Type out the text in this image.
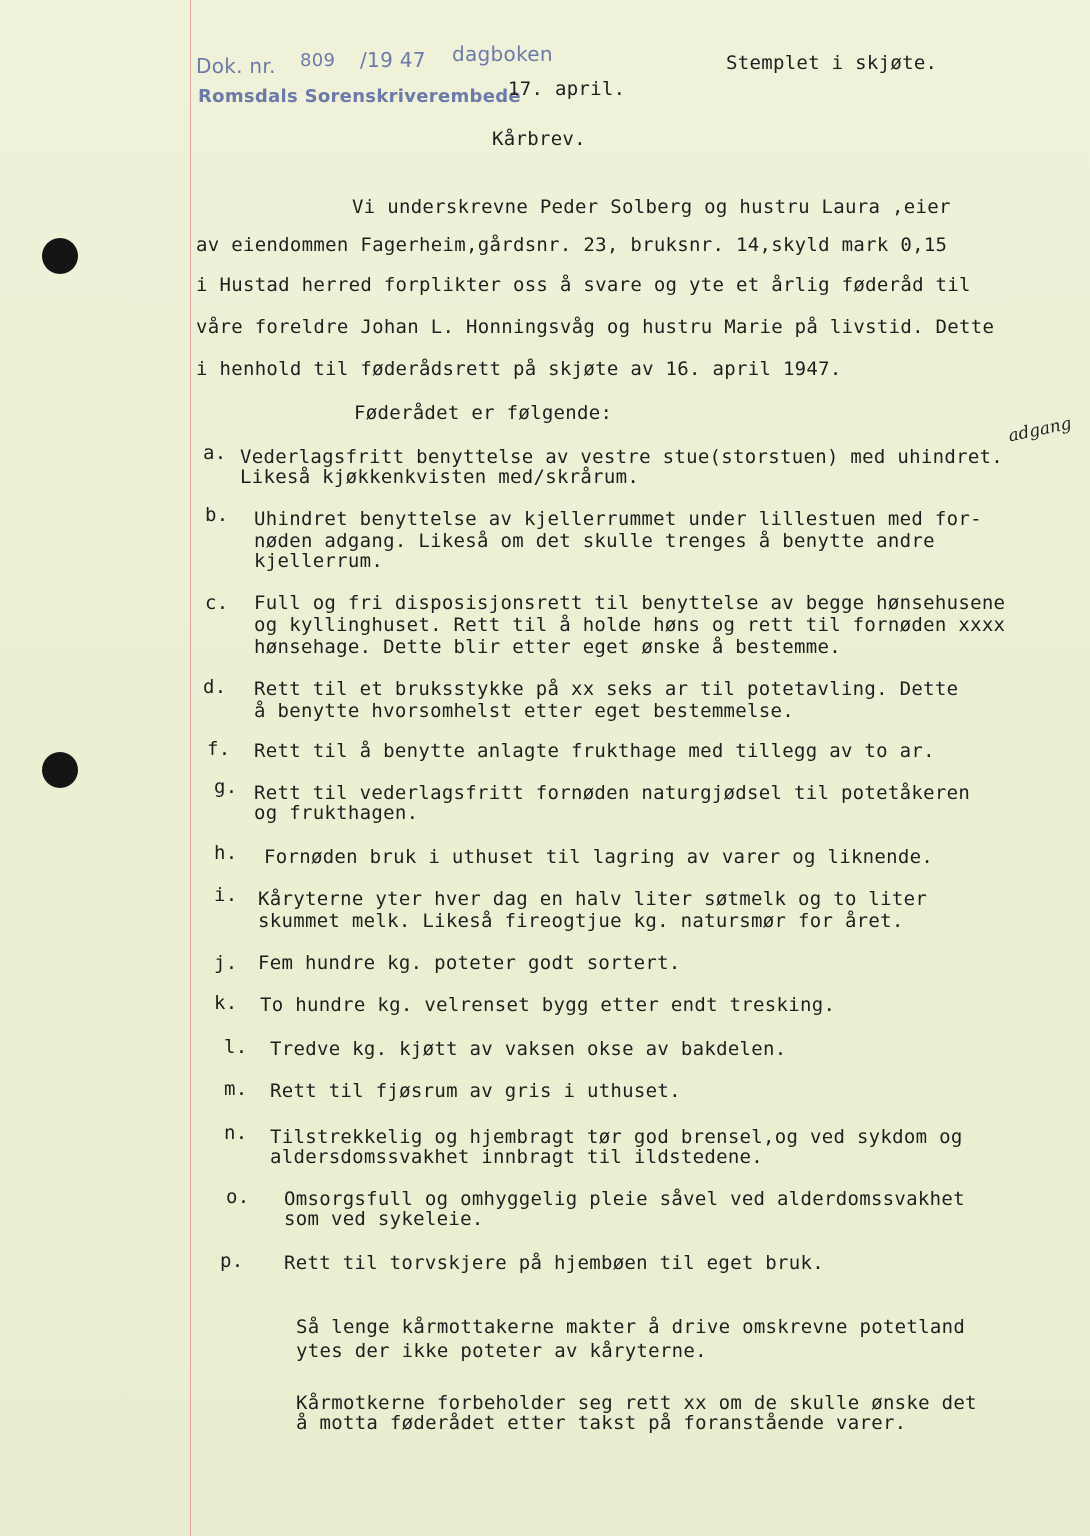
Dok. nr. 809 /19 47 dagboken
Romsdals Sorenskriverembede
17. april.
Stemplet i skjøte.
Kårbrev.
Vi underskrevne Peder Solberg og hustru Laura ,eier
av eiendommen Fagerheim,gårdsnr. 23, bruksnr. 14,skyld mark 0,15
i Hustad herred forplikter oss å svare og yte et årlig føderåd til
våre foreldre Johan L. Honningsvåg og hustru Marie på livstid. Dette
i henhold til føderådsrett på skjøte av 16. april 1947.
Føderådet er følgende:
adgang
a. Vederlagsfritt benyttelse av vestre stue(storstuen) med uhindret.
Likeså kjøkkenkvisten med/skrårum.
b. Uhindret benyttelse av kjellerrummet under lillestuen med for-
nøden adgang. Likeså om det skulle trenges å benytte andre
kjellerrum.
c. Full og fri disposisjonsrett til benyttelse av begge hønsehusene
og kyllinghuset. Rett til å holde høns og rett til fornøden xxxx
hønsehage. Dette blir etter eget ønske å bestemme.
d. Rett til et bruksstykke på xx seks ar til potetavling. Dette
å benytte hvorsomhelst etter eget bestemmelse.
f. Rett til å benytte anlagte frukthage med tillegg av to ar.
g. Rett til vederlagsfritt fornøden naturgjødsel til potetåkeren
og frukthagen.
h. Fornøden bruk i uthuset til lagring av varer og liknende.
i. Kåryterne yter hver dag en halv liter søtmelk og to liter
skummet melk. Likeså fireogtjue kg. natursmør for året.
j. Fem hundre kg. poteter godt sortert.
k. To hundre kg. velrenset bygg etter endt tresking.
l. Tredve kg. kjøtt av vaksen okse av bakdelen.
m. Rett til fjøsrum av gris i uthuset.
n. Tilstrekkelig og hjembragt tør god brensel,og ved sykdom og
aldersdomssvakhet innbragt til ildstedene.
o. Omsorgsfull og omhyggelig pleie såvel ved alderdomssvakhet
som ved sykeleie.
p. Rett til torvskjere på hjembøen til eget bruk.
Så lenge kårmottakerne makter å drive omskrevne potetland
ytes der ikke poteter av kåryterne.
Kårmotkerne forbeholder seg rett xx om de skulle ønske det
å motta føderådet etter takst på foranstående varer.
